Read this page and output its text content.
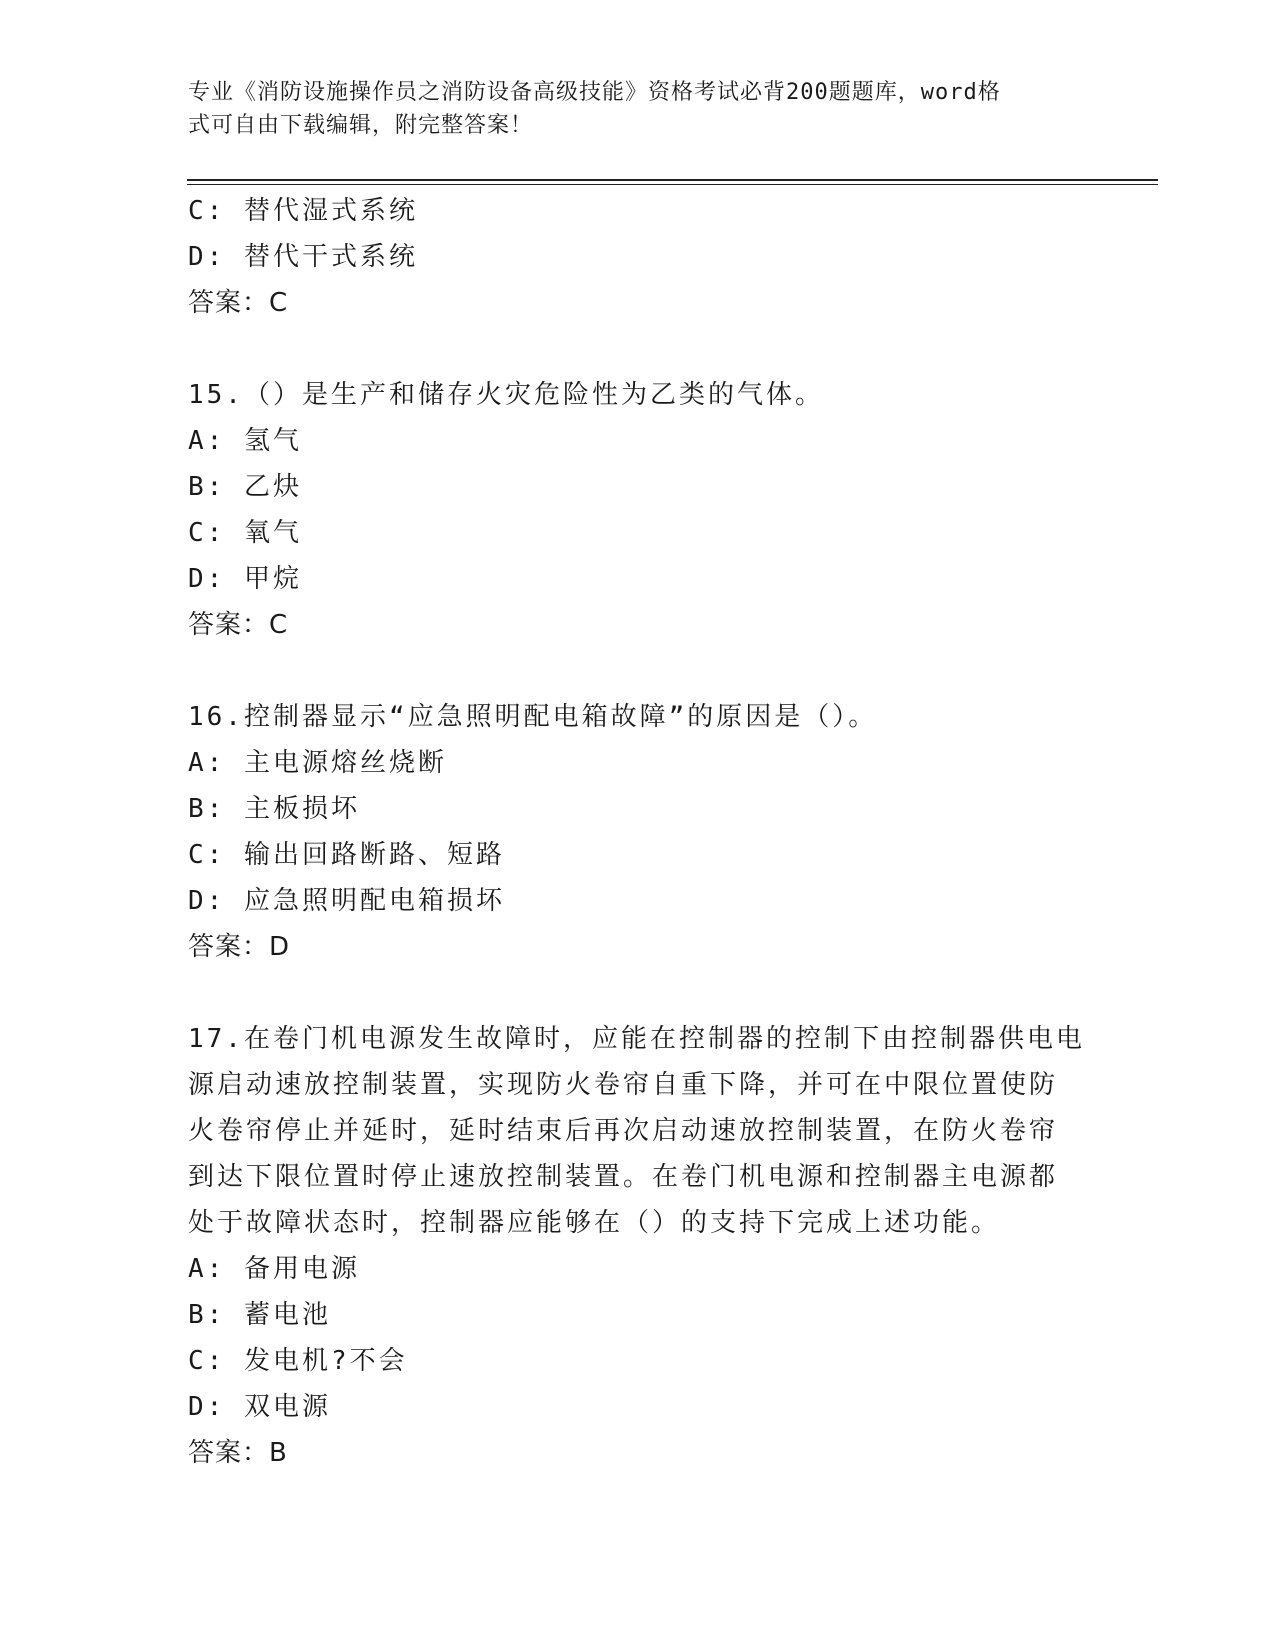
专业《消防设施操作员之消防设备高级技能》资格考试必背200题题库，word格
式可自由下载编辑，附完整答案！
C: 替代湿式系统
D: 替代干式系统
答案：C
15.（）是生产和储存火灾危险性为乙类的气体。
A: 氢气
B: 乙炔
C: 氧气
D: 甲烷
答案：C
16.控制器显示“应急照明配电箱故障”的原因是（）。
A: 主电源熔丝烧断
B: 主板损坏
C: 输出回路断路、短路
D: 应急照明配电箱损坏
答案：D
17.在卷门机电源发生故障时，应能在控制器的控制下由控制器供电电
源启动速放控制装置，实现防火卷帘自重下降，并可在中限位置使防
火卷帘停止并延时，延时结束后再次启动速放控制装置，在防火卷帘
到达下限位置时停止速放控制装置。在卷门机电源和控制器主电源都
处于故障状态时，控制器应能够在（）的支持下完成上述功能。
A: 备用电源
B: 蓄电池
C: 发电机?不会
D: 双电源
答案：B
